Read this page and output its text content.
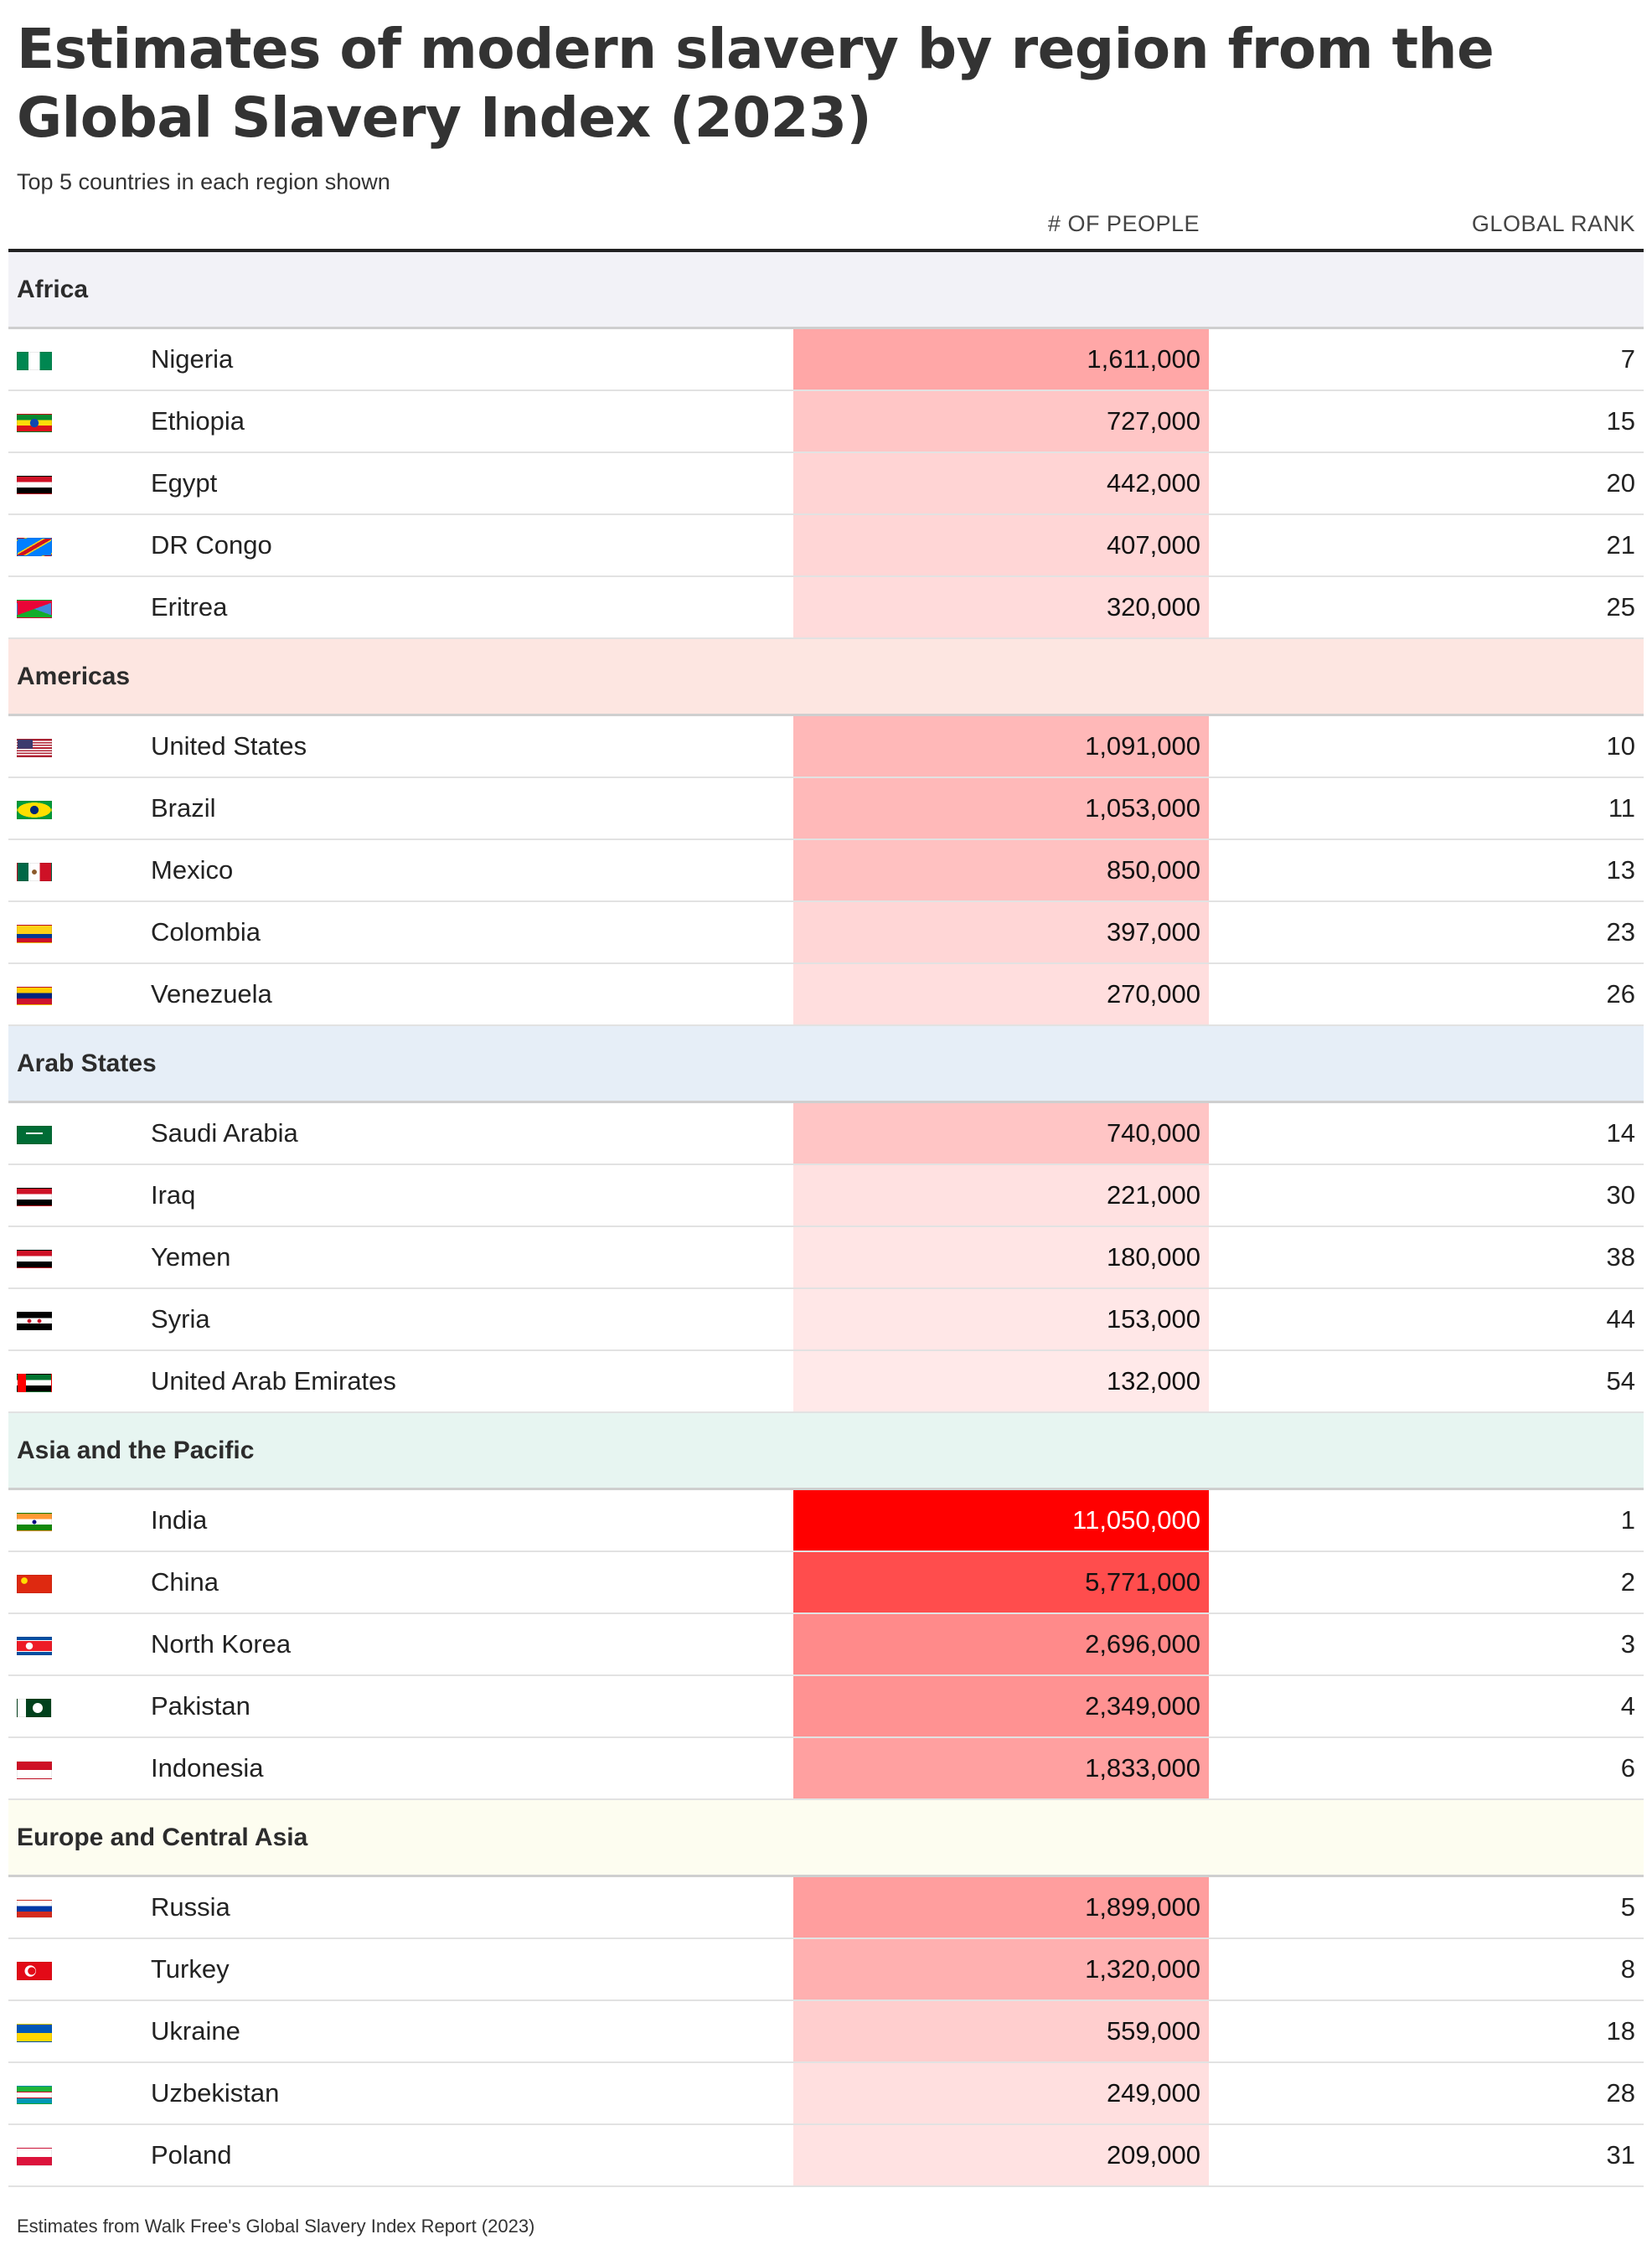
Estimates of modern slavery by region from the Global Slavery Index (2023)

Top 5 countries in each region shown

# OF PEOPLE	GLOBAL RANK
Africa
Nigeria	1,611,000	7
Ethiopia	727,000	15
Egypt	442,000	20
DR Congo	407,000	21
Eritrea	320,000	25
Americas
United States	1,091,000	10
Brazil	1,053,000	11
Mexico	850,000	13
Colombia	397,000	23
Venezuela	270,000	26
Arab States
Saudi Arabia	740,000	14
Iraq	221,000	30
Yemen	180,000	38
Syria	153,000	44
United Arab Emirates	132,000	54
Asia and the Pacific
India	11,050,000	1
China	5,771,000	2
North Korea	2,696,000	3
Pakistan	2,349,000	4
Indonesia	1,833,000	6
Europe and Central Asia
Russia	1,899,000	5
Turkey	1,320,000	8
Ukraine	559,000	18
Uzbekistan	249,000	28
Poland	209,000	31

Estimates from Walk Free's Global Slavery Index Report (2023)
